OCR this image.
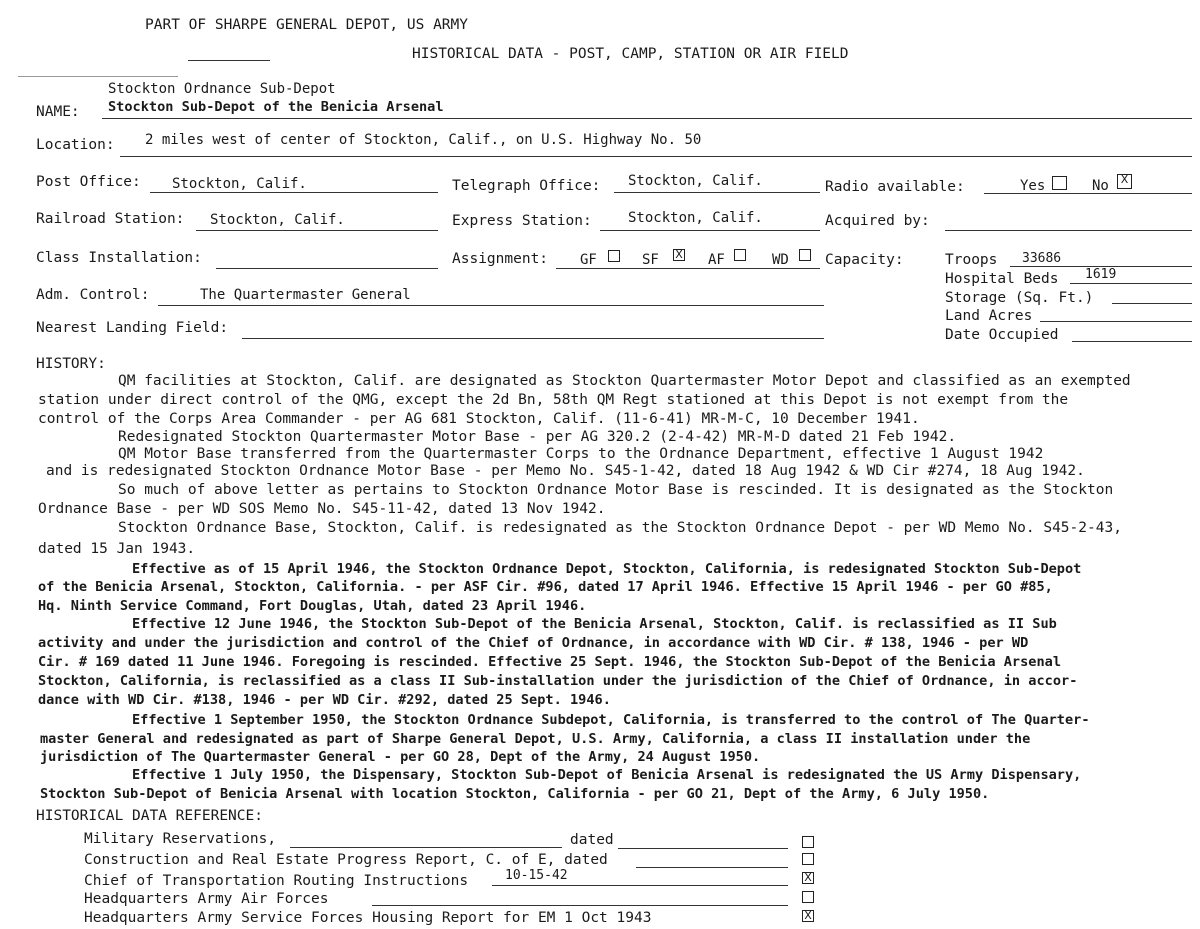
PART OF SHARPE GENERAL DEPOT, US ARMY
HISTORICAL DATA - POST, CAMP, STATION OR AIR FIELD
Stockton Ordnance Sub-Depot
NAME: Stockton Sub-Depot of the Benicia Arsenal
Location: 2 miles west of center of Stockton, Calif., on U.S. Highway No. 50
Post Office: Stockton, Calif.	Telegraph Office: Stockton, Calif.	Radio available:	Yes	No	X
Railroad Station: Stockton, Calif.	Express Station:	Stockton, Calif.	Acquired by:
Class Installation:	Assignment: GF	SF X AF	WD Capacity:	Troops 33686
Hospital Beds 1619
Storage (Sq. Ft.)
Land Acres
Date Occupied
Adm. Control:	The Quartermaster General
Nearest Landing Field:
HISTORY:
QM facilities at Stockton, Calif. are designated as Stockton Quartermaster Motor Depot and classified as an exempted
station under direct control of the QMG, except the 2d Bn, 58th QM Regt stationed at this Depot is not exempt from the
control of the Corps Area Commander - per AG 681 Stockton, Calif. (11-6-41) MR-M-C, 10 December 1941.
Redesignated Stockton Quartermaster Motor Base - per AG 320.2 (2-4-42) MR-M-D dated 21 Feb 1942.
QM Motor Base transferred from the Quartermaster Corps to the Ordnance Department, effective 1 August 1942
and is redesignated Stockton Ordnance Motor Base - per Memo No. S45-1-42, dated 18 Aug 1942 & WD Cir #274, 18 Aug 1942.
So much of above letter as pertains to Stockton Ordnance Motor Base is rescinded. It is designated as the Stockton
Ordnance Base - per WD SOS Memo No. S45-11-42, dated 13 Nov 1942.
Stockton Ordnance Base, Stockton, Calif. is redesignated as the Stockton Ordnance Depot - per WD Memo No. S45-2-43,
dated 15 Jan 1943.
Effective as of 15 April 1946, the Stockton Ordnance Depot, Stockton, California, is redesignated Stockton Sub-Depot
of the Benicia Arsenal, Stockton, California. - per ASF Cir. #96, dated 17 April 1946. Effective 15 April 1946 - per GO #85,
Hq. Ninth Service Command, Fort Douglas, Utah, dated 23 April 1946.
Effective 12 June 1946, the Stockton Sub-Depot of the Benicia Arsenal, Stockton, Calif. is reclassified as II Sub
activity and under the jurisdiction and control of the Chief of Ordnance, in accordance with WD Cir. # 138, 1946 - per WD
Cir. # 169 dated 11 June 1946. Foregoing is rescinded. Effective 25 Sept. 1946, the Stockton Sub-Depot of the Benicia Arsenal
Stockton, California, is reclassified as a class II Sub-installation under the jurisdiction of the Chief of Ordnance, in accor-
dance with WD Cir. #138, 1946 - per WD Cir. #292, dated 25 Sept. 1946.
Effective 1 September 1950, the Stockton Ordnance Subdepot, California, is transferred to the control of The Quarter-
master General and redesignated as part of Sharpe General Depot, U.S. Army, California, a class II installation under the
jurisdiction of The Quartermaster General - per GO 28, Dept of the Army, 24 August 1950.
Effective 1 July 1950, the Dispensary, Stockton Sub-Depot of Benicia Arsenal is redesignated the US Army Dispensary,
Stockton Sub-Depot of Benicia Arsenal with location Stockton, California - per GO 21, Dept of the Army, 6 July 1950.
HISTORICAL DATA REFERENCE:
Military Reservations,	dated
Construction and Real Estate Progress Report, C. of E, dated
Chief of Transportation Routing Instructions	10-15-42	X
Headquarters Army Air Forces
Headquarters Army Service Forces Housing Report for EM 1 Oct 1943	X
